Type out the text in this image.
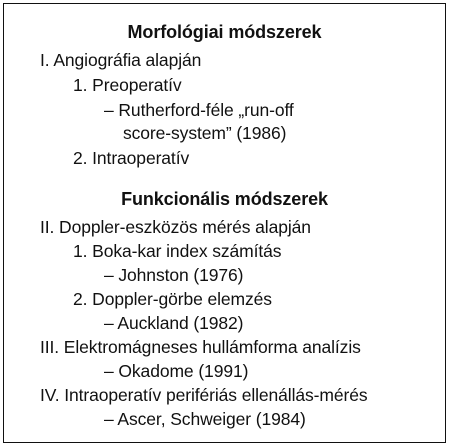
Morfológiai módszerek
I. Angiográfia alapján
1. Preoperatív
– Rutherford-féle „run-off
score-system” (1986)
2. Intraoperatív
Funkcionális módszerek
II. Doppler-eszközös mérés alapján
1. Boka-kar index számítás
– Johnston (1976)
2. Doppler-görbe elemzés
– Auckland (1982)
III. Elektromágneses hullámforma analízis
– Okadome (1991)
IV. Intraoperatív perifériás ellenállás-mérés
– Ascer, Schweiger (1984)
